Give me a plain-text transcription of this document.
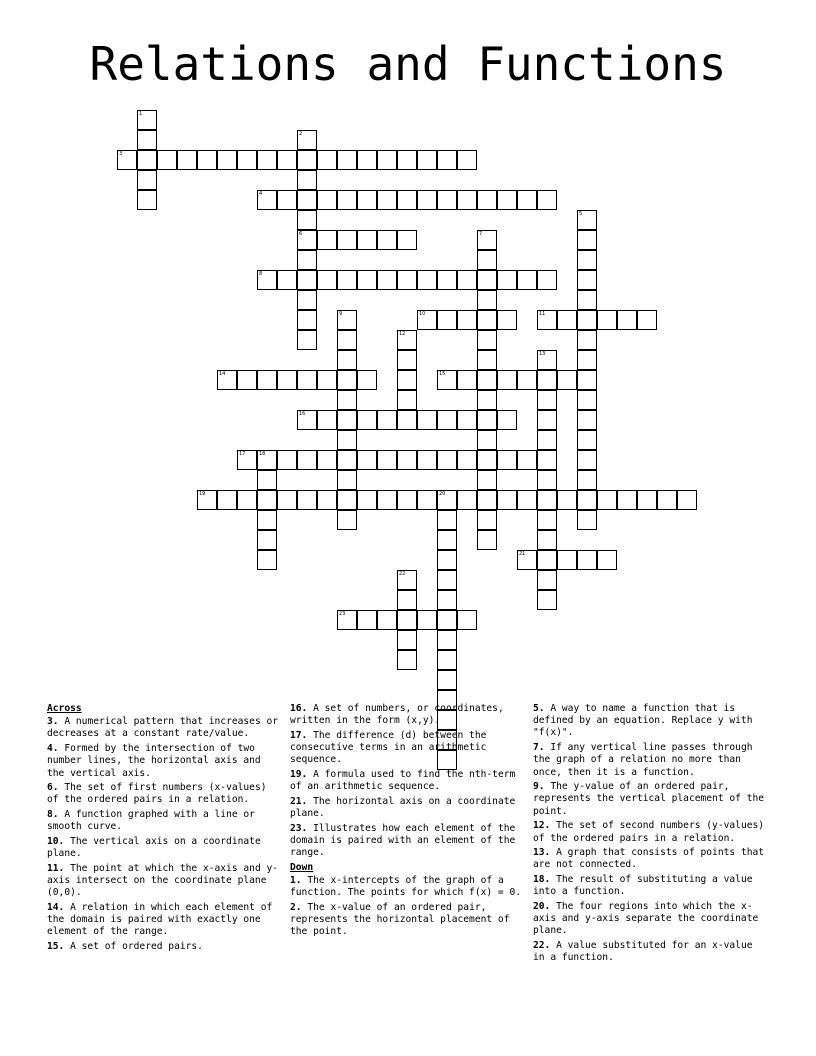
Relations and Functions
1
2
6
3
4
5
7
8
9	10	11
12
13
14	15
16
17	18
19	20
21
22
23
Across
3. A numerical pattern that increases or decreases at a constant rate/value.
4. Formed by the intersection of two number lines, the horizontal axis and the vertical axis.
6. The set of first numbers (x-values) of the ordered pairs in a relation.
8. A function graphed with a line or smooth curve.
10. The vertical axis on a coordinate plane.
11. The point at which the x-axis and y-axis intersect on the coordinate plane (0,0).
14. A relation in which each element of the domain is paired with exactly one element of the range.
15. A set of ordered pairs.
16. A set of numbers, or coordinates, written in the form (x,y).
17. The difference (d) between the consecutive terms in an arithmetic sequence.
19. A formula used to find the nth-term of an arithmetic sequence.
21. The horizontal axis on a coordinate plane.
23. Illustrates how each element of the domain is paired with an element of the range.
Down
1. The x-intercepts of the graph of a function. The points for which f(x) = 0.
2. The x-value of an ordered pair, represents the horizontal placement of the point.
5. A way to name a function that is defined by an equation. Replace y with "f(x)".
7. If any vertical line passes through the graph of a relation no more than once, then it is a function.
9. The y-value of an ordered pair, represents the vertical placement of the point.
12. The set of second numbers (y-values) of the ordered pairs in a relation.
13. A graph that consists of points that are not connected.
18. The result of substituting a value into a function.
20. The four regions into which the x-axis and y-axis separate the coordinate plane.
22. A value substituted for an x-value in a function.
